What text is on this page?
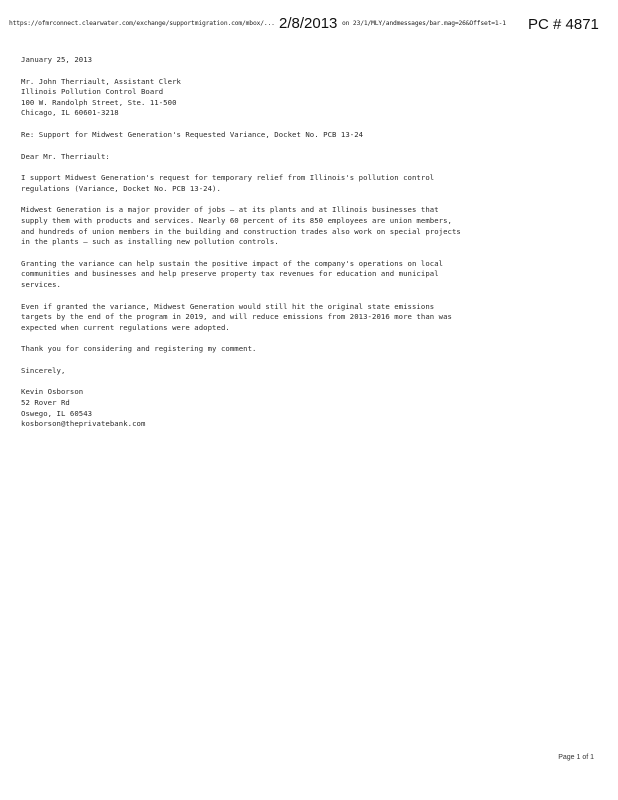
https://ofmrconnect.clearwater.com/exchange/supportmigration.com/mbox/... 2/8/2013 on 23/1/MLY/andmessages/bar.mag=26&Offset=1-1	PC # 4871
January 25, 2013
Mr. John Therriault, Assistant Clerk
Illinois Pollution Control Board
100 W. Randolph Street, Ste. 11-500
Chicago, IL 60601-3218
Re: Support for Midwest Generation's Requested Variance, Docket No. PCB 13-24
Dear Mr. Therriault:
I support Midwest Generation's request for temporary relief from Illinois's pollution control
regulations (Variance, Docket No. PCB 13-24).
Midwest Generation is a major provider of jobs — at its plants and at Illinois businesses that
supply them with products and services. Nearly 60 percent of its 850 employees are union members,
and hundreds of union members in the building and construction trades also work on special projects
in the plants — such as installing new pollution controls.
Granting the variance can help sustain the positive impact of the company's operations on local
communities and businesses and help preserve property tax revenues for education and municipal
services.
Even if granted the variance, Midwest Generation would still hit the original state emissions
targets by the end of the program in 2019, and will reduce emissions from 2013-2016 more than was
expected when current regulations were adopted.
Thank you for considering and registering my comment.
Sincerely,
Kevin Osborson
52 Rover Rd
Oswego, IL 60543
kosborson@theprivatebank.com
Page 1 of 1
